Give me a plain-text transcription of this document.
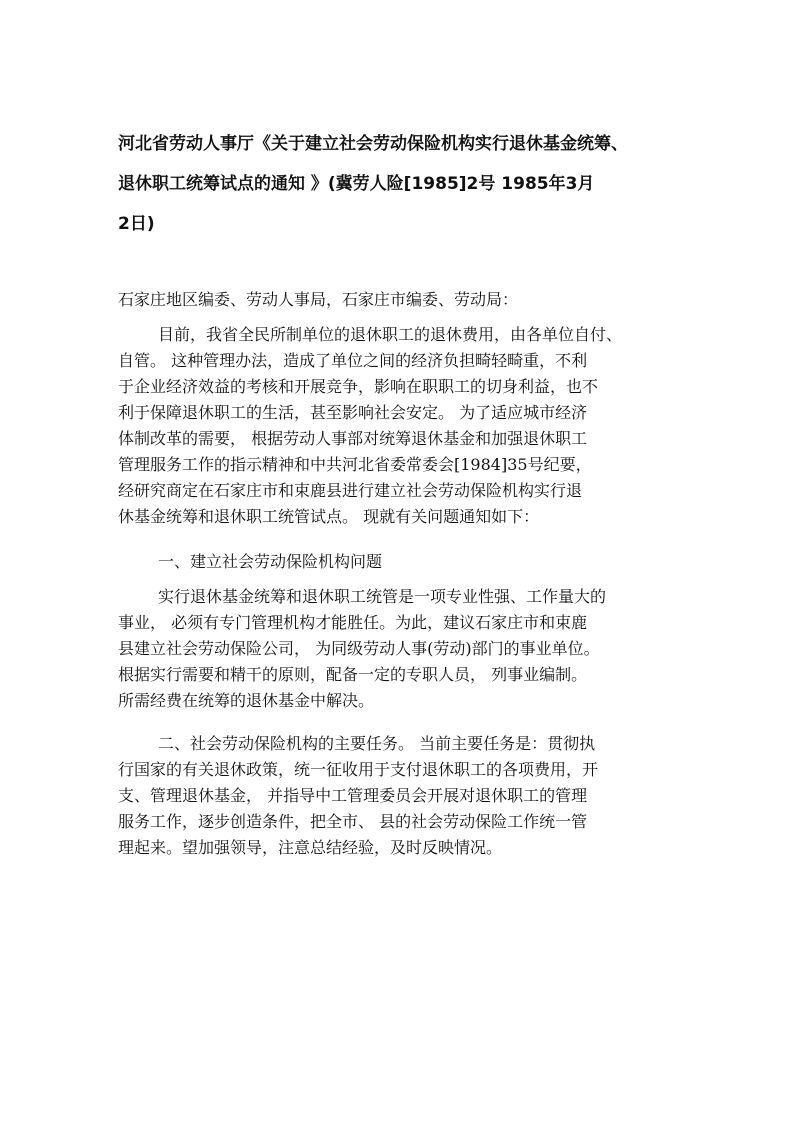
河北省劳动人事厅《关于建立社会劳动保险机构实行退休基金统筹、
退休职工统筹试点的通知 》(冀劳人险[1985]2号 1985年3月
2日)
石家庄地区编委、劳动人事局，石家庄市编委、劳动局：
目前，我省全民所制单位的退休职工的退休费用，由各单位自付、
自管。 这种管理办法，造成了单位之间的经济负担畸轻畸重，不利
于企业经济效益的考核和开展竞争，影响在职职工的切身利益，也不
利于保障退休职工的生活，甚至影响社会安定。 为了适应城市经济
体制改革的需要， 根据劳动人事部对统筹退休基金和加强退休职工
管理服务工作的指示精神和中共河北省委常委会[1984]35号纪要，
经研究商定在石家庄市和束鹿县进行建立社会劳动保险机构实行退
休基金统筹和退休职工统管试点。 现就有关问题通知如下：
一、建立社会劳动保险机构问题
实行退休基金统筹和退休职工统管是一项专业性强、工作量大的
事业， 必须有专门管理机构才能胜任。为此，建议石家庄市和束鹿
县建立社会劳动保险公司， 为同级劳动人事(劳动)部门的事业单位。
根据实行需要和精干的原则，配备一定的专职人员， 列事业编制。
所需经费在统筹的退休基金中解决。
二、社会劳动保险机构的主要任务。 当前主要任务是：贯彻执
行国家的有关退休政策，统一征收用于支付退休职工的各项费用，开
支、管理退休基金， 并指导中工管理委员会开展对退休职工的管理
服务工作，逐步创造条件，把全市、 县的社会劳动保险工作统一管
理起来。望加强领导，注意总结经验，及时反映情况。
